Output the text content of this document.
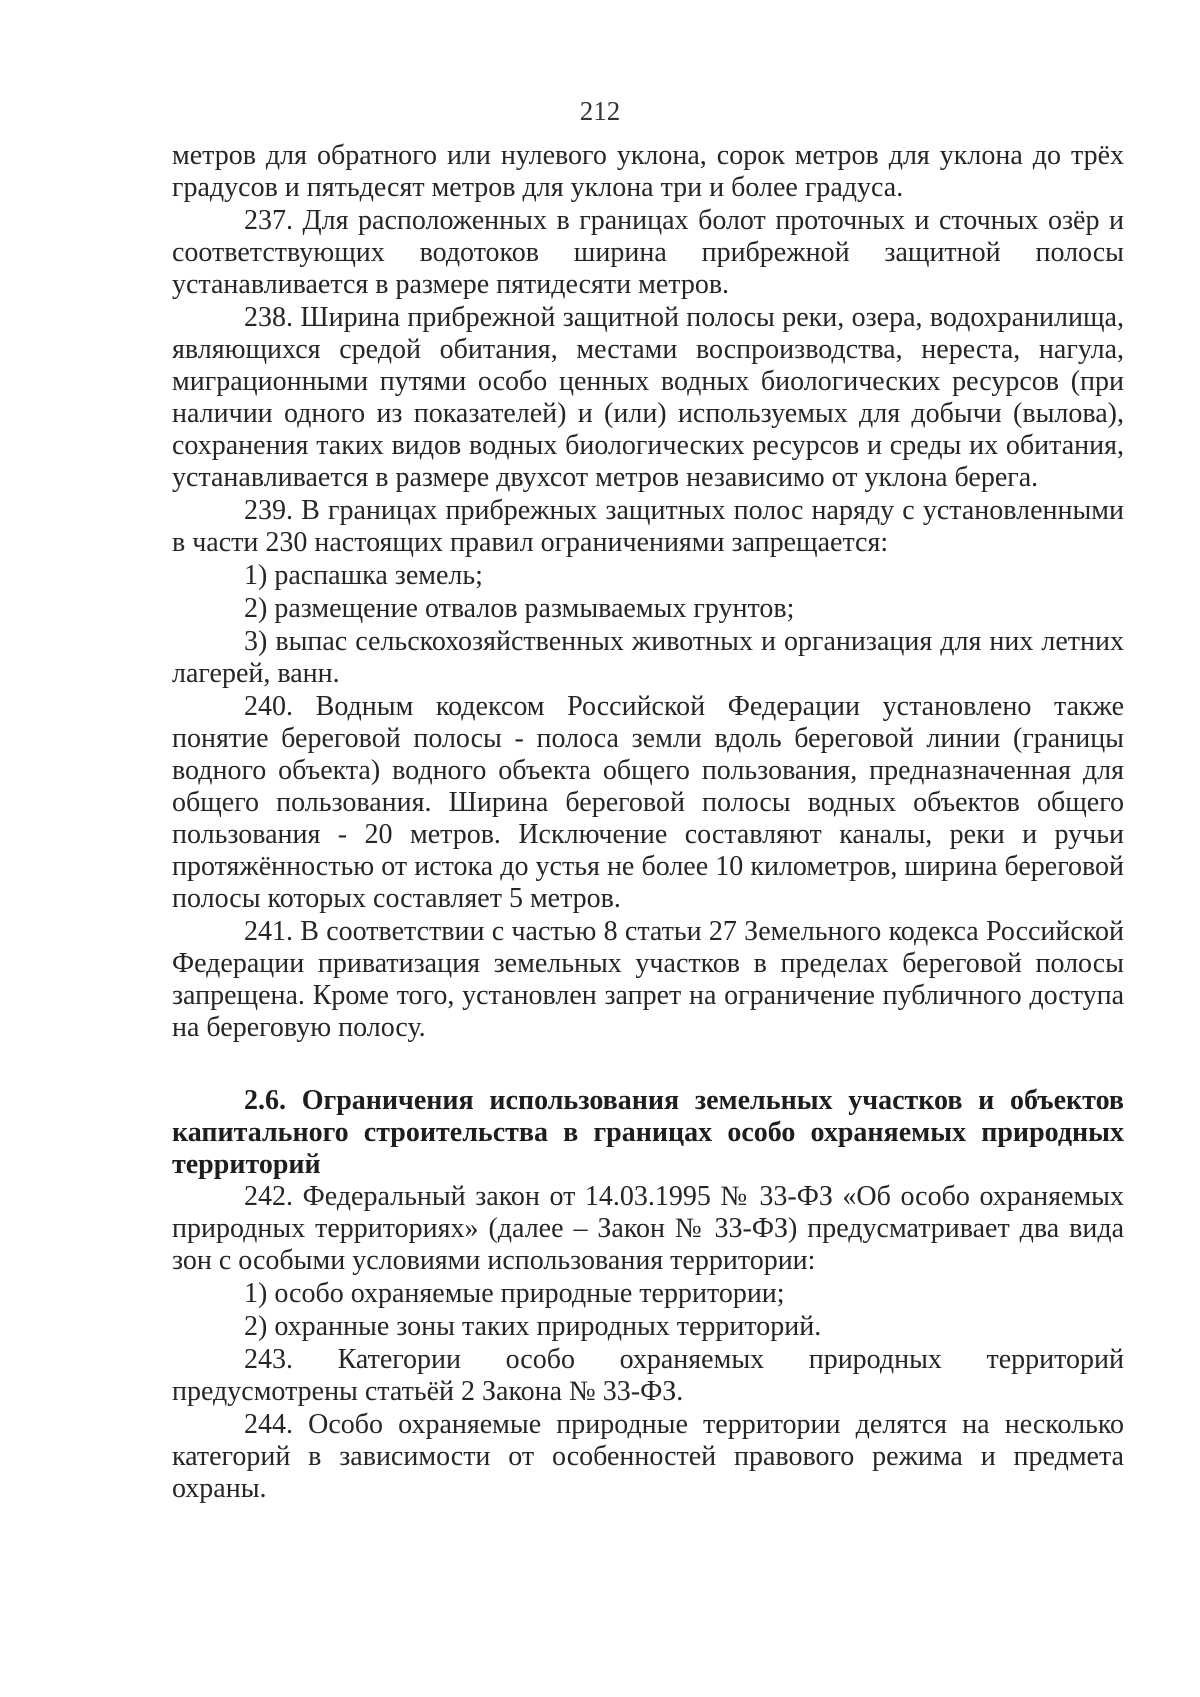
212

метров для обратного или нулевого уклона, сорок метров для уклона до трёх градусов и пятьдесят метров для уклона три и более градуса.

237. Для расположенных в границах болот проточных и сточных озёр и соответствующих водотоков ширина прибрежной защитной полосы устанавливается в размере пятидесяти метров.

238. Ширина прибрежной защитной полосы реки, озера, водохранилища, являющихся средой обитания, местами воспроизводства, нереста, нагула, миграционными путями особо ценных водных биологических ресурсов (при наличии одного из показателей) и (или) используемых для добычи (вылова), сохранения таких видов водных биологических ресурсов и среды их обитания, устанавливается в размере двухсот метров независимо от уклона берега.

239. В границах прибрежных защитных полос наряду с установленными в части 230 настоящих правил ограничениями запрещается:

1) распашка земель;

2) размещение отвалов размываемых грунтов;

3) выпас сельскохозяйственных животных и организация для них летних лагерей, ванн.

240. Водным кодексом Российской Федерации установлено также понятие береговой полосы - полоса земли вдоль береговой линии (границы водного объекта) водного объекта общего пользования, предназначенная для общего пользования. Ширина береговой полосы водных объектов общего пользования - 20 метров. Исключение составляют каналы, реки и ручьи протяжённостью от истока до устья не более 10 километров, ширина береговой полосы которых составляет 5 метров.

241. В соответствии с частью 8 статьи 27 Земельного кодекса Российской Федерации приватизация земельных участков в пределах береговой полосы запрещена. Кроме того, установлен запрет на ограничение публичного доступа на береговую полосу.

2.6. Ограничения использования земельных участков и объектов капитального строительства в границах особо охраняемых природных территорий

242. Федеральный закон от 14.03.1995 № 33-ФЗ «Об особо охраняемых природных территориях» (далее – Закон № 33-ФЗ) предусматривает два вида зон с особыми условиями использования территории:

1) особо охраняемые природные территории;

2) охранные зоны таких природных территорий.

243. Категории особо охраняемых природных территорий предусмотрены статьёй 2 Закона № 33-ФЗ.

244. Особо охраняемые природные территории делятся на несколько категорий в зависимости от особенностей правового режима и предмета охраны.
